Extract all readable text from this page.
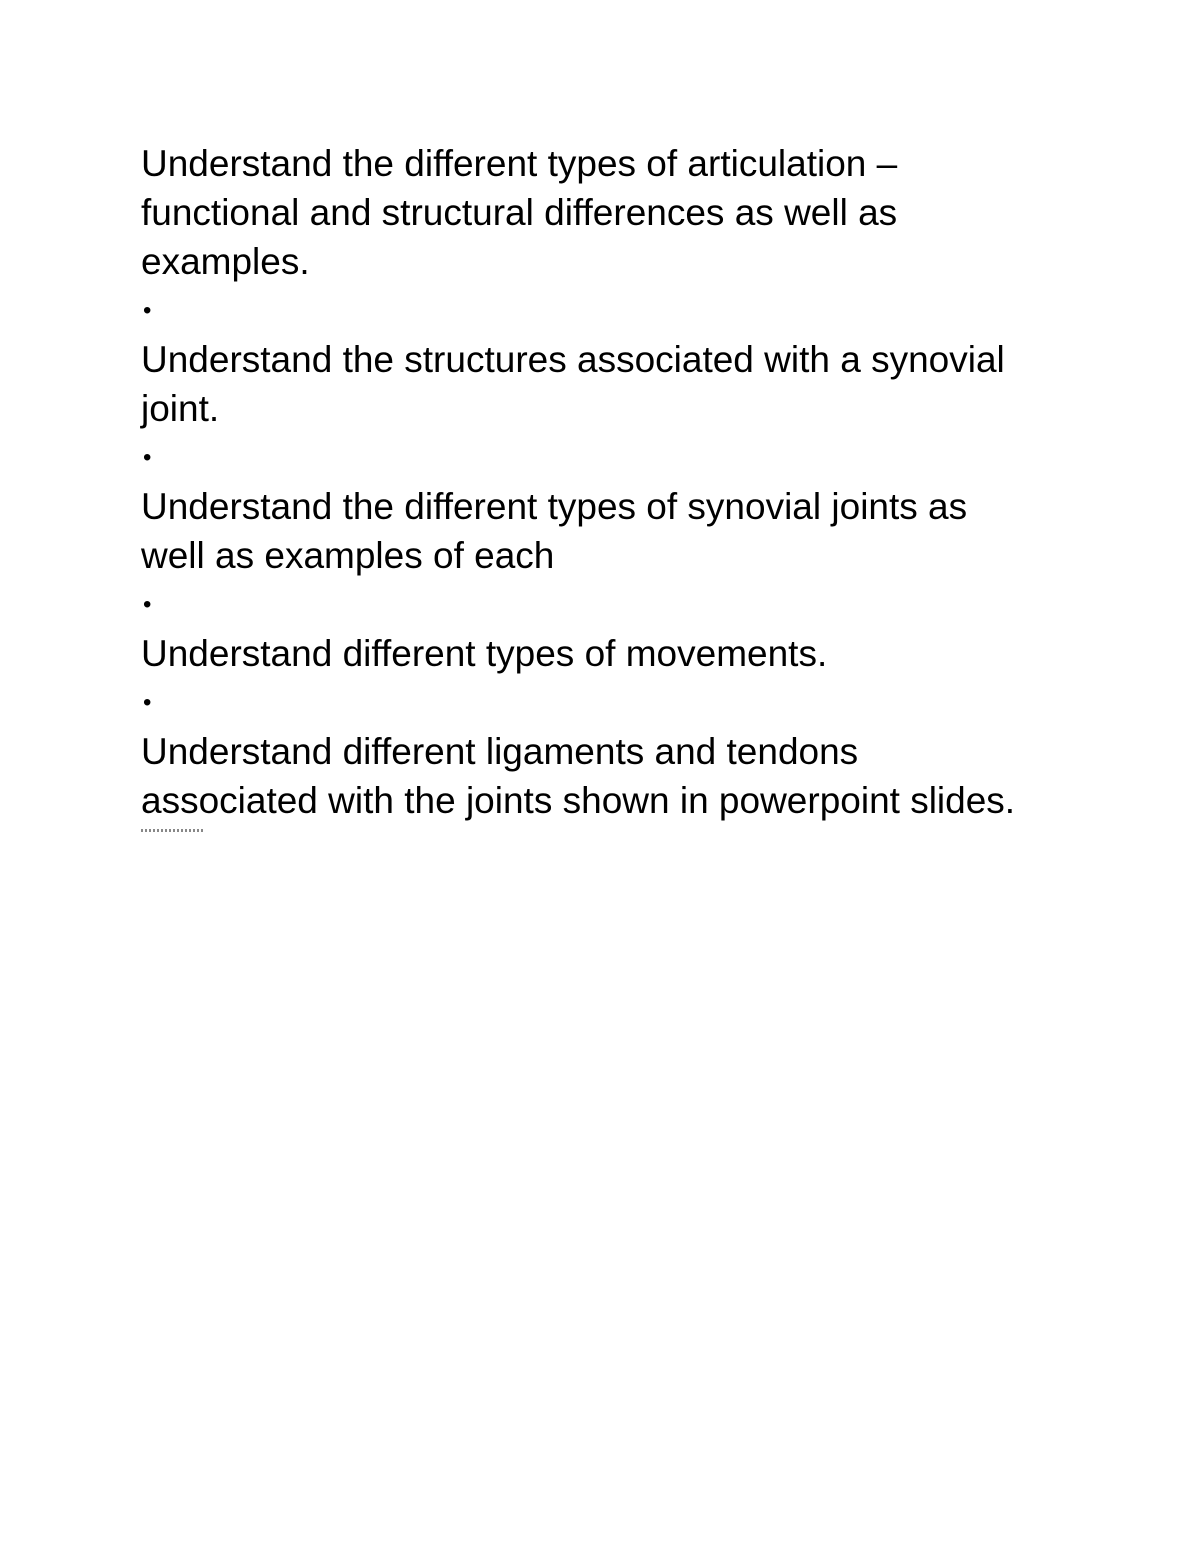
Understand the different types of articulation –
functional and structural differences as well as
examples.

•

Understand the structures associated with a synovial
joint.

•

Understand the different types of synovial joints as
well as examples of each

•

Understand different types of movements.

•

Understand different ligaments and tendons
associated with the joints shown in powerpoint slides.
